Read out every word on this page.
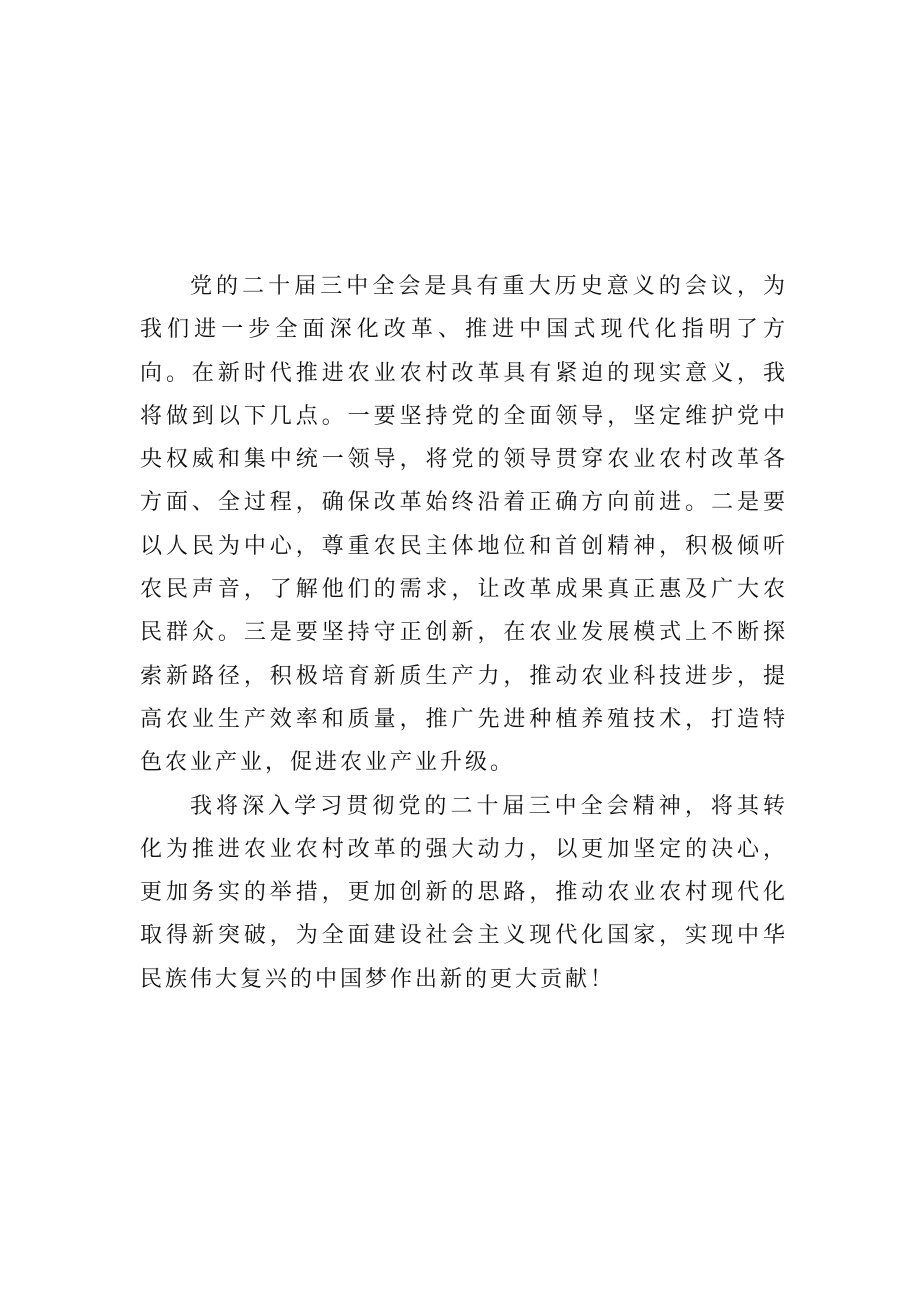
党的二十届三中全会是具有重大历史意义的会议，为我们进一步全面深化改革、推进中国式现代化指明了方向。在新时代推进农业农村改革具有紧迫的现实意义，我将做到以下几点。一要坚持党的全面领导，坚定维护党中央权威和集中统一领导，将党的领导贯穿农业农村改革各方面、全过程，确保改革始终沿着正确方向前进。二是要以人民为中心，尊重农民主体地位和首创精神，积极倾听农民声音，了解他们的需求，让改革成果真正惠及广大农民群众。三是要坚持守正创新，在农业发展模式上不断探索新路径，积极培育新质生产力，推动农业科技进步，提高农业生产效率和质量，推广先进种植养殖技术，打造特色农业产业，促进农业产业升级。

我将深入学习贯彻党的二十届三中全会精神，将其转化为推进农业农村改革的强大动力，以更加坚定的决心，更加务实的举措，更加创新的思路，推动农业农村现代化取得新突破，为全面建设社会主义现代化国家，实现中华民族伟大复兴的中国梦作出新的更大贡献！
